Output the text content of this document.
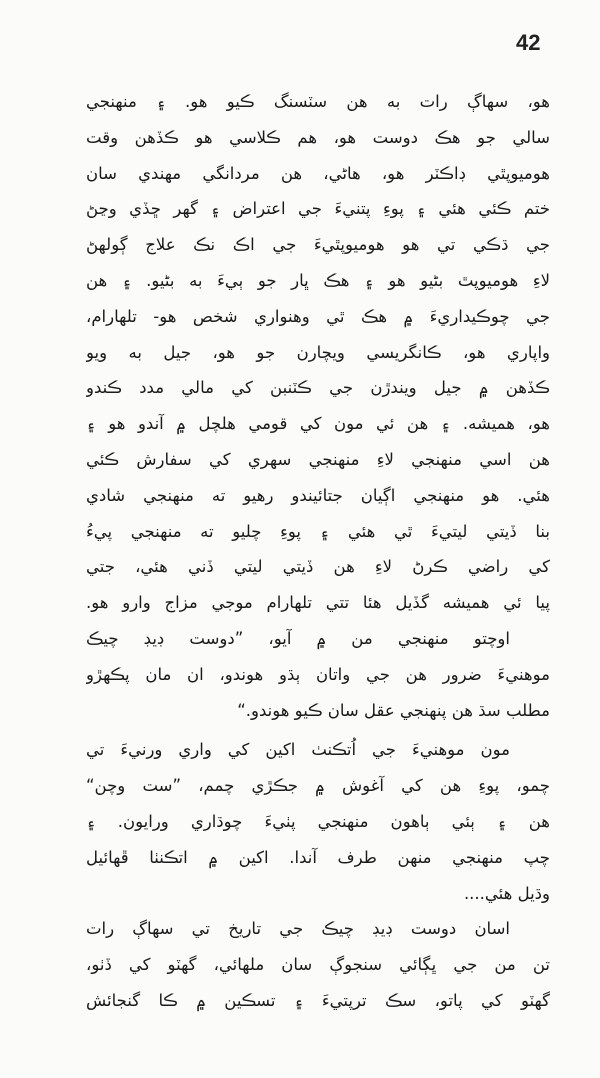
42
هو، سهاڳ رات به هن سٽسنگ ڪيو هو. ۽ منهنجي
سالي جو هڪ دوست هو، هم ڪلاسي هو ڪڏهن وقت
هوميوپٿي ڊاڪٽر هو، هاڻي، هن مردانگي مهندي سان
ختم ڪئي هئي ۽ پوءِ پتنيءَ جي اعتراض ۽ گهر ڇڏي وڃڻ
جي ڌڪي تي هو هوميوپٿيءَ جي اڪ نڪ علاج ڳولهڻ
لاءِ هوميوپٿ بڻيو هو ۽ هڪ ڀار جو ٻيءَ به بڻيو. ۽ هن
جي چوڪيداريءَ ۾ هڪ ٿي وهنواري شخص هو- تلهارام،
واپاري هو، ڪانگريسي ويچارن جو هو، جيل به ويو
ڪڏهن ۾ جيل ويندڙن جي ڪٽنبن کي مالي مدد ڪندو
هو، هميشه. ۽ هن ئي مون کي قومي هلچل ۾ آندو هو ۽
هن اسي منهنجي لاءِ منهنجي سهري کي سفارش ڪئي
هئي. هو منهنجي اڳيان جتائيندو رهيو ته منهنجي شادي
بنا ڏيتي ليتيءَ ٿي هئي ۽ پوءِ چليو ته منهنجي پيءُ
کي راضي ڪرڻ لاءِ هن ڏيتي ليتي ڏني هئي، جتي
پيا ئي هميشه گڏيل هئا تتي تلهارام موجي مزاج وارو هو.
اوچتو منهنجي من ۾ آيو، ”دوست ڊيڊ چيڪ
موهنيءَ ضرور هن جي واتان ٻڌو هوندو، ان مان پڪهڙو
مطلب سڌ هن پنهنجي عقل سان ڪيو هوندو.“
مون موهنيءَ جي اُتڪنٺ اکين کي واري ورنيءَ تي
چمو، پوءِ هن کي آغوش ۾ جڪڙي چمم، ”ست وچن“
هن ۽ ٻئي ٻاهون منهنجي پٺيءَ چوڌاري ورايون. ۽
چپ منهنجي منهن طرف آندا. اکين ۾ اتڪنٺا ڦهائيل
وڌيل هئي....
اسان دوست ڊيڊ چيڪ جي تاريخ تي سهاڳ رات
تن من جي ڀڳائي سنجوڳ سان ملهائي، گهٽو کي ڏٺو،
گهٽو کي پاتو، سڪ ترپتيءَ ۽ تسڪين ۾ ڪا گنجائش
